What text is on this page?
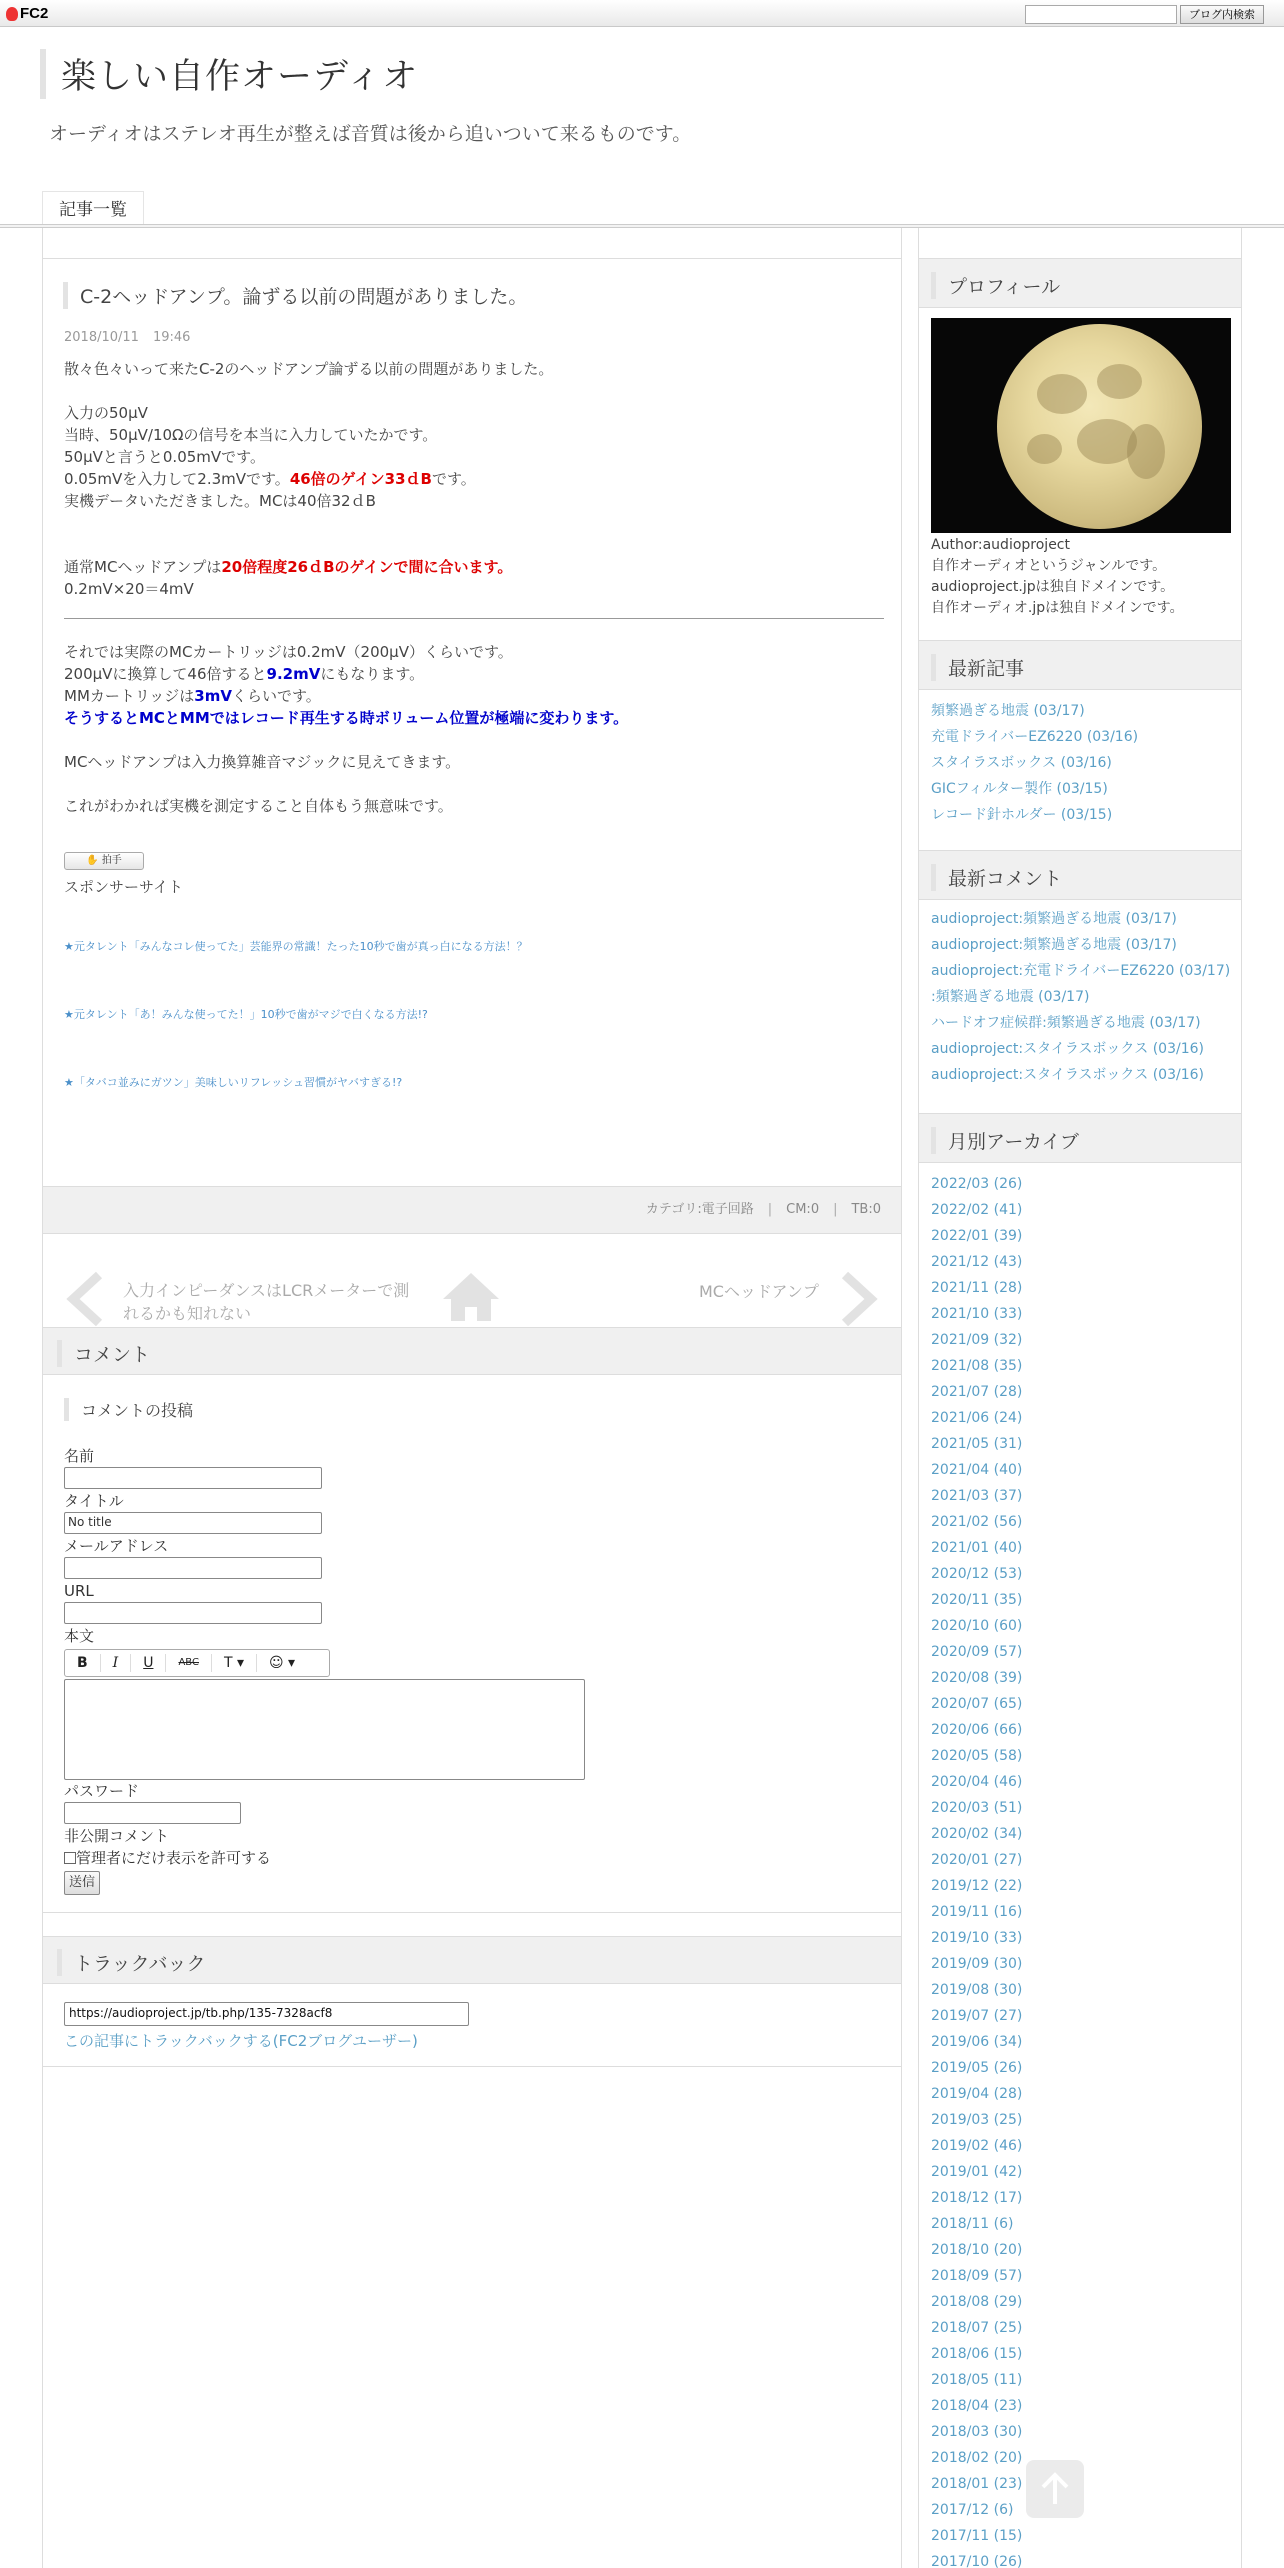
FC2	ブログ内検索
楽しい自作オーディオ
オーディオはステレオ再生が整えば音質は後から追いついて来るものです。
記事一覧
C-2ヘッドアンプ。論ずる以前の問題がありました。
2018/10/11 19:46

散々色々いって来たC-2のヘッドアンプ論ずる以前の問題がありました。

入力の50μV

当時、50μV/10Ωの信号を本当に入力していたかです。

50μVと言うと0.05mVです。

0.05mVを入力して2.3mVです。46倍のゲイン33ｄBです。

実機データいただきました。MCは40倍32ｄB

通常MCヘッドアンプは20倍程度26ｄBのゲインで間に合います。

0.2mV×20＝4mV

それでは実際のMCカートリッジは0.2mV（200μV）くらいです。

200μVに換算して46倍すると9.2mVにもなります。

MMカートリッジは3mVくらいです。

そうするとMCとMMではレコード再生する時ボリューム位置が極端に変わります。

MCヘッドアンプは入力換算雑音マジックに見えてきます。

これがわかれば実機を測定すること自体もう無意味です。

✋ 拍手

スポンサーサイト

★元タレント「みんなコレ使ってた」芸能界の常識！たった10秒で歯が真っ白になる方法！？
★元タレント「あ！みんな使ってた！」10秒で歯がマジで白くなる方法!?
★「タバコ並みにガツン」美味しいリフレッシュ習慣がヤバすぎる!?
カテゴリ:電子回路 | CM:0 | TB:0
入力インピーダンスはLCRメーターで測れるかも知れない
MCヘッドアンプ
コメント
コメントの投稿
名前
タイトル
No title
メールアドレス
URL
本文
B	I	U	ABC	T ▾	☺ ▾
パスワード
非公開コメント
管理者にだけ表示を許可する
送信
トラックバック
https://audioproject.jp/tb.php/135-7328acf8
この記事にトラックバックする(FC2ブログユーザー)
プロフィール
Author:audioproject
自作オーディオというジャンルです。
audioproject.jpは独自ドメインです。
自作オーディオ.jpは独自ドメインです。
最新記事
頻繁過ぎる地震 (03/17)
充電ドライバーEZ6220 (03/16)
スタイラスボックス (03/16)
GICフィルター製作 (03/15)
レコード針ホルダー (03/15)
最新コメント
audioproject:頻繁過ぎる地震 (03/17)
audioproject:頻繁過ぎる地震 (03/17)
audioproject:充電ドライバーEZ6220 (03/17)
:頻繁過ぎる地震 (03/17)
ハードオフ症候群:頻繁過ぎる地震 (03/17)
audioproject:スタイラスボックス (03/16)
audioproject:スタイラスボックス (03/16)
月別アーカイブ
2022/03 (26)
2022/02 (41)
2022/01 (39)
2021/12 (43)
2021/11 (28)
2021/10 (33)
2021/09 (32)
2021/08 (35)
2021/07 (28)
2021/06 (24)
2021/05 (31)
2021/04 (40)
2021/03 (37)
2021/02 (56)
2021/01 (40)
2020/12 (53)
2020/11 (35)
2020/10 (60)
2020/09 (57)
2020/08 (39)
2020/07 (65)
2020/06 (66)
2020/05 (58)
2020/04 (46)
2020/03 (51)
2020/02 (34)
2020/01 (27)
2019/12 (22)
2019/11 (16)
2019/10 (33)
2019/09 (30)
2019/08 (30)
2019/07 (27)
2019/06 (34)
2019/05 (26)
2019/04 (28)
2019/03 (25)
2019/02 (46)
2019/01 (42)
2018/12 (17)
2018/11 (6)
2018/10 (20)
2018/09 (57)
2018/08 (29)
2018/07 (25)
2018/06 (15)
2018/05 (11)
2018/04 (23)
2018/03 (30)
2018/02 (20)
2018/01 (23)
2017/12 (6)
2017/11 (15)
2017/10 (26)
